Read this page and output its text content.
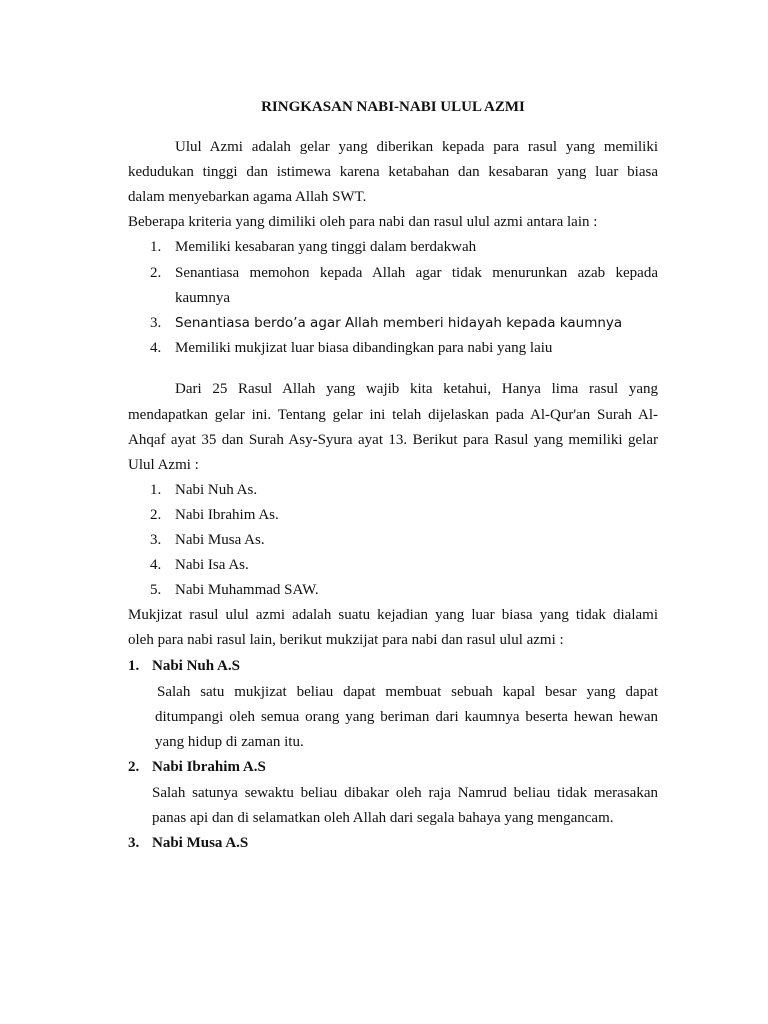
RINGKASAN NABI-NABI ULUL AZMI
Ulul Azmi adalah gelar yang diberikan kepada para rasul yang memiliki
kedudukan tinggi dan istimewa karena ketabahan dan kesabaran yang luar biasa
dalam menyebarkan agama Allah SWT.
Beberapa kriteria yang dimiliki oleh para nabi dan rasul ulul azmi antara lain :
1. Memiliki kesabaran yang tinggi dalam berdakwah
2. Senantiasa memohon kepada Allah agar tidak menurunkan azab kepada
kaumnya
3. Senantiasa berdo’a agar Allah memberi hidayah kepada kaumnya
4. Memiliki mukjizat luar biasa dibandingkan para nabi yang laiu
Dari 25 Rasul Allah yang wajib kita ketahui, Hanya lima rasul yang
mendapatkan gelar ini. Tentang gelar ini telah dijelaskan pada Al-Qur'an Surah Al-
Ahqaf ayat 35 dan Surah Asy-Syura ayat 13. Berikut para Rasul yang memiliki gelar
Ulul Azmi :
1. Nabi Nuh As.
2. Nabi Ibrahim As.
3. Nabi Musa As.
4. Nabi Isa As.
5. Nabi Muhammad SAW.
Mukjizat rasul ulul azmi adalah suatu kejadian yang luar biasa yang tidak dialami
oleh para nabi rasul lain, berikut mukzijat para nabi dan rasul ulul azmi :
1. Nabi Nuh A.S
Salah satu mukjizat beliau dapat membuat sebuah kapal besar yang dapat
ditumpangi oleh semua orang yang beriman dari kaumnya beserta hewan hewan
yang hidup di zaman itu.
2. Nabi Ibrahim A.S
Salah satunya sewaktu beliau dibakar oleh raja Namrud beliau tidak merasakan
panas api dan di selamatkan oleh Allah dari segala bahaya yang mengancam.
3. Nabi Musa A.S
